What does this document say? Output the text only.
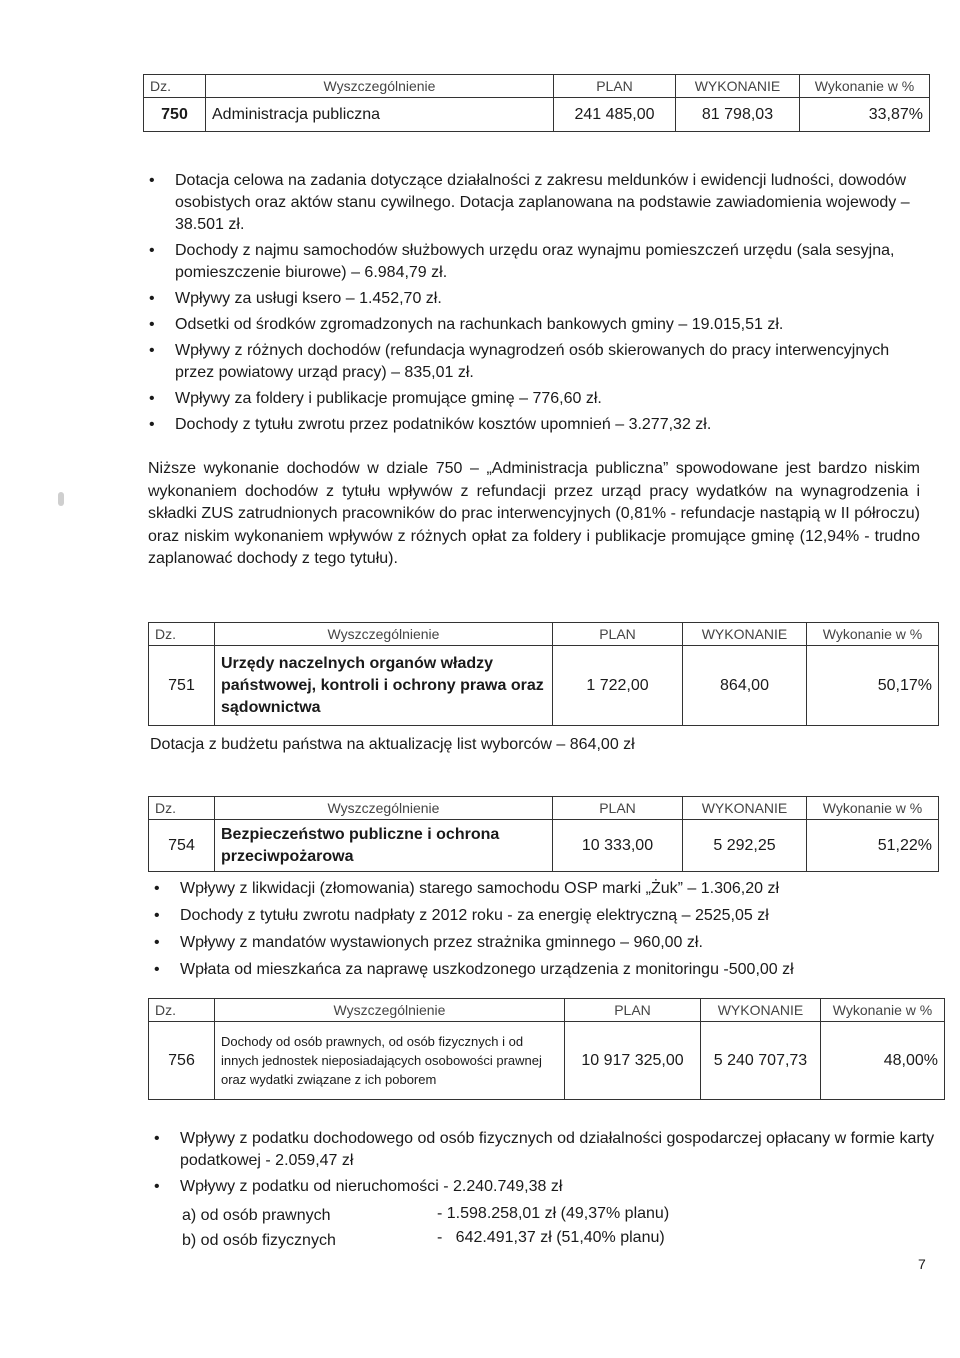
Dz.	Wyszczególnienie	PLAN	WYKONANIE	Wykonanie w %
750	Administracja publiczna	241 485,00	81 798,03	33,87%
• Dotacja celowa na zadania dotyczące działalności z zakresu meldunków i ewidencji ludności, dowodów osobistych oraz aktów stanu cywilnego. Dotacja zaplanowana na podstawie zawiadomienia wojewody – 38.501 zł.
• Dochody z najmu samochodów służbowych urzędu oraz wynajmu pomieszczeń urzędu (sala sesyjna, pomieszczenie biurowe) – 6.984,79 zł.
• Wpływy za usługi ksero – 1.452,70 zł.
• Odsetki od środków zgromadzonych na rachunkach bankowych gminy – 19.015,51 zł.
• Wpływy z różnych dochodów (refundacja wynagrodzeń osób skierowanych do pracy interwencyjnych przez powiatowy urząd pracy) – 835,01 zł.
• Wpływy za foldery i publikacje promujące gminę – 776,60 zł.
• Dochody z tytułu zwrotu przez podatników kosztów upomnień – 3.277,32 zł.
Niższe wykonanie dochodów w dziale 750 – „Administracja publiczna” spowodowane jest bardzo niskim wykonaniem dochodów z tytułu wpływów z refundacji przez urząd pracy wydatków na wynagrodzenia i składki ZUS zatrudnionych pracowników do prac interwencyjnych (0,81% - refundacje nastąpią w II półroczu) oraz niskim wykonaniem wpływów z różnych opłat za foldery i publikacje promujące gminę (12,94% - trudno zaplanować dochody z tego tytułu).
Dz.	Wyszczególnienie	PLAN	WYKONANIE	Wykonanie w %
751	Urzędy naczelnych organów władzy państwowej, kontroli i ochrony prawa oraz sądownictwa	1 722,00	864,00	50,17%
Dotacja z budżetu państwa na aktualizację list wyborców – 864,00 zł
Dz.	Wyszczególnienie	PLAN	WYKONANIE	Wykonanie w %
754	Bezpieczeństwo publiczne i ochrona przeciwpożarowa	10 333,00	5 292,25	51,22%
• Wpływy z likwidacji (złomowania) starego samochodu OSP marki „Żuk” – 1.306,20 zł
• Dochody z tytułu zwrotu nadpłaty z 2012 roku - za energię elektryczną – 2525,05 zł
• Wpływy z mandatów wystawionych przez strażnika gminnego – 960,00 zł.
• Wpłata od mieszkańca za naprawę uszkodzonego urządzenia z monitoringu -500,00 zł
Dz.	Wyszczególnienie	PLAN	WYKONANIE	Wykonanie w %
756	Dochody od osób prawnych, od osób fizycznych i od innych jednostek nieposiadających osobowości prawnej oraz wydatki związane z ich poborem	10 917 325,00	5 240 707,73	48,00%
• Wpływy z podatku dochodowego od osób fizycznych od działalności gospodarczej opłacany w formie karty podatkowej - 2.059,47 zł
• Wpływy z podatku od nieruchomości - 2.240.749,38 zł
a) od osób prawnych	- 1.598.258,01 zł (49,37% planu)
b) od osób fizycznych	-   642.491,37 zł (51,40% planu)
7
